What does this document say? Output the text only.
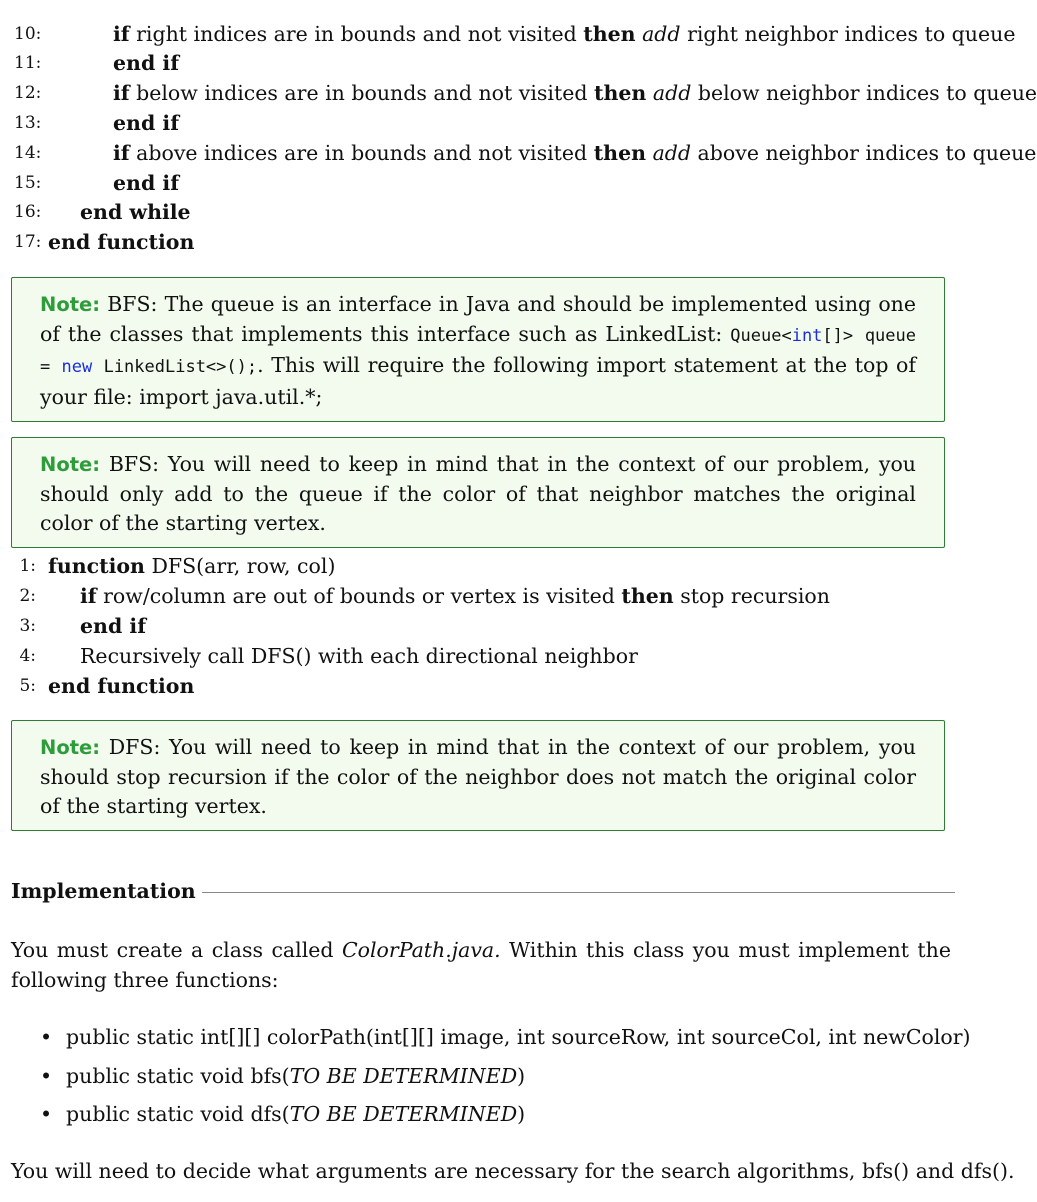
10:	if right indices are in bounds and not visited then add right neighbor indices to queue
11:	end if
12:	if below indices are in bounds and not visited then add below neighbor indices to queue
13:	end if
14:	if above indices are in bounds and not visited then add above neighbor indices to queue
15:	end if
16: end while
17: end function
Note: BFS: The queue is an interface in Java and should be implemented using one of the classes that implements this interface such as LinkedList: Queue<int[]> queue = new LinkedList<>();. This will require the following import statement at the top of your file: import java.util.*;
Note: BFS: You will need to keep in mind that in the context of our problem, you should only add to the queue if the color of that neighbor matches the original color of the starting vertex.
1: function DFS(arr, row, col)
2: if row/column are out of bounds or vertex is visited then stop recursion
3: end if
4: Recursively call DFS() with each directional neighbor
5: end function
Note: DFS: You will need to keep in mind that in the context of our problem, you should stop recursion if the color of the neighbor does not match the original color of the starting vertex.
Implementation
You must create a class called ColorPath.java. Within this class you must implement the following three functions:
• public static int[][] colorPath(int[][] image, int sourceRow, int sourceCol, int newColor)
• public static void bfs(TO BE DETERMINED)
• public static void dfs(TO BE DETERMINED)
You will need to decide what arguments are necessary for the search algorithms, bfs() and dfs().
